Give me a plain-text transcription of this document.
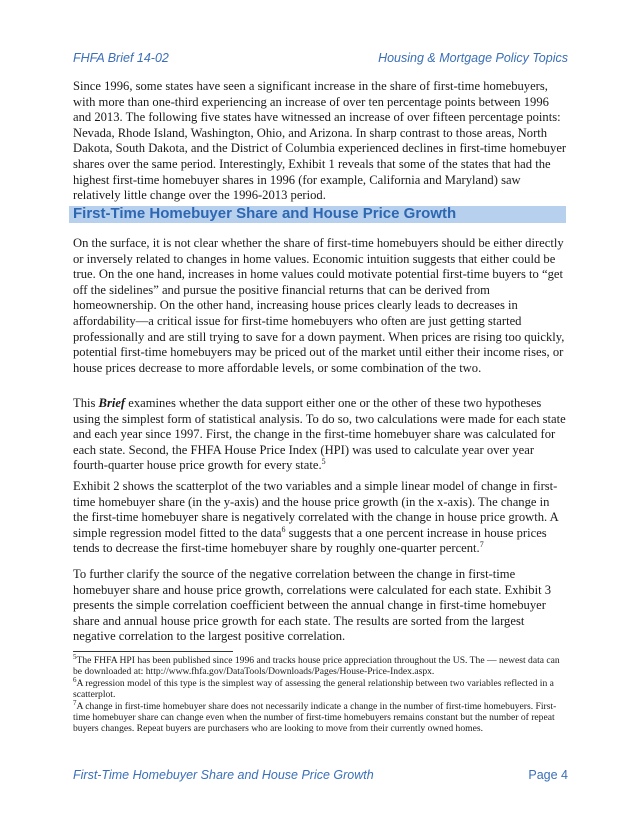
FHFA Brief 14-02	Housing & Mortgage Policy Topics

Since 1996, some states have seen a significant increase in the share of first-time homebuyers, with more than one-third experiencing an increase of over ten percentage points between 1996 and 2013. The following five states have witnessed an increase of over fifteen percentage points: Nevada, Rhode Island, Washington, Ohio, and Arizona. In sharp contrast to those areas, North Dakota, South Dakota, and the District of Columbia experienced declines in first-time homebuyer shares over the same period. Interestingly, Exhibit 1 reveals that some of the states that had the highest first-time homebuyer shares in 1996 (for example, California and Maryland) saw relatively little change over the 1996-2013 period.

First-Time Homebuyer Share and House Price Growth

On the surface, it is not clear whether the share of first-time homebuyers should be either directly or inversely related to changes in home values. Economic intuition suggests that either could be true. On the one hand, increases in home values could motivate potential first-time buyers to “get off the sidelines” and pursue the positive financial returns that can be derived from homeownership. On the other hand, increasing house prices clearly leads to decreases in affordability—a critical issue for first-time homebuyers who often are just getting started professionally and are still trying to save for a down payment. When prices are rising too quickly, potential first-time homebuyers may be priced out of the market until either their income rises, or house prices decrease to more affordable levels, or some combination of the two.

This Brief examines whether the data support either one or the other of these two hypotheses using the simplest form of statistical analysis. To do so, two calculations were made for each state and each year since 1997. First, the change in the first-time homebuyer share was calculated for each state. Second, the FHFA House Price Index (HPI) was used to calculate year over year fourth-quarter house price growth for every state.$^5$

Exhibit 2 shows the scatterplot of the two variables and a simple linear model of change in first-time homebuyer share (in the y-axis) and the house price growth (in the x-axis). The change in the first-time homebuyer share is negatively correlated with the change in house price growth. A simple regression model fitted to the data$^6$ suggests that a one percent increase in house prices tends to decrease the first-time homebuyer share by roughly one-quarter percent.$^7$

To further clarify the source of the negative correlation between the change in first-time homebuyer share and house price growth, correlations were calculated for each state. Exhibit 3 presents the simple correlation coefficient between the annual change in first-time homebuyer share and annual house price growth for each state. The results are sorted from the largest negative correlation to the largest positive correlation.

$^5$The FHFA HPI has been published since 1996 and tracks house price appreciation throughout the US. The — newest data can be downloaded at: http://www.fhfa.gov/DataTools/Downloads/Pages/House-Price-Index.aspx.

$^6$A regression model of this type is the simplest way of assessing the general relationship between two variables reflected in a scatterplot.

$^7$A change in first-time homebuyer share does not necessarily indicate a change in the number of first-time homebuyers. First-time homebuyer share can change even when the number of first-time homebuyers remains constant but the number of repeat buyers changes. Repeat buyers are purchasers who are looking to move from their currently owned homes.

First-Time Homebuyer Share and House Price Growth	Page 4
